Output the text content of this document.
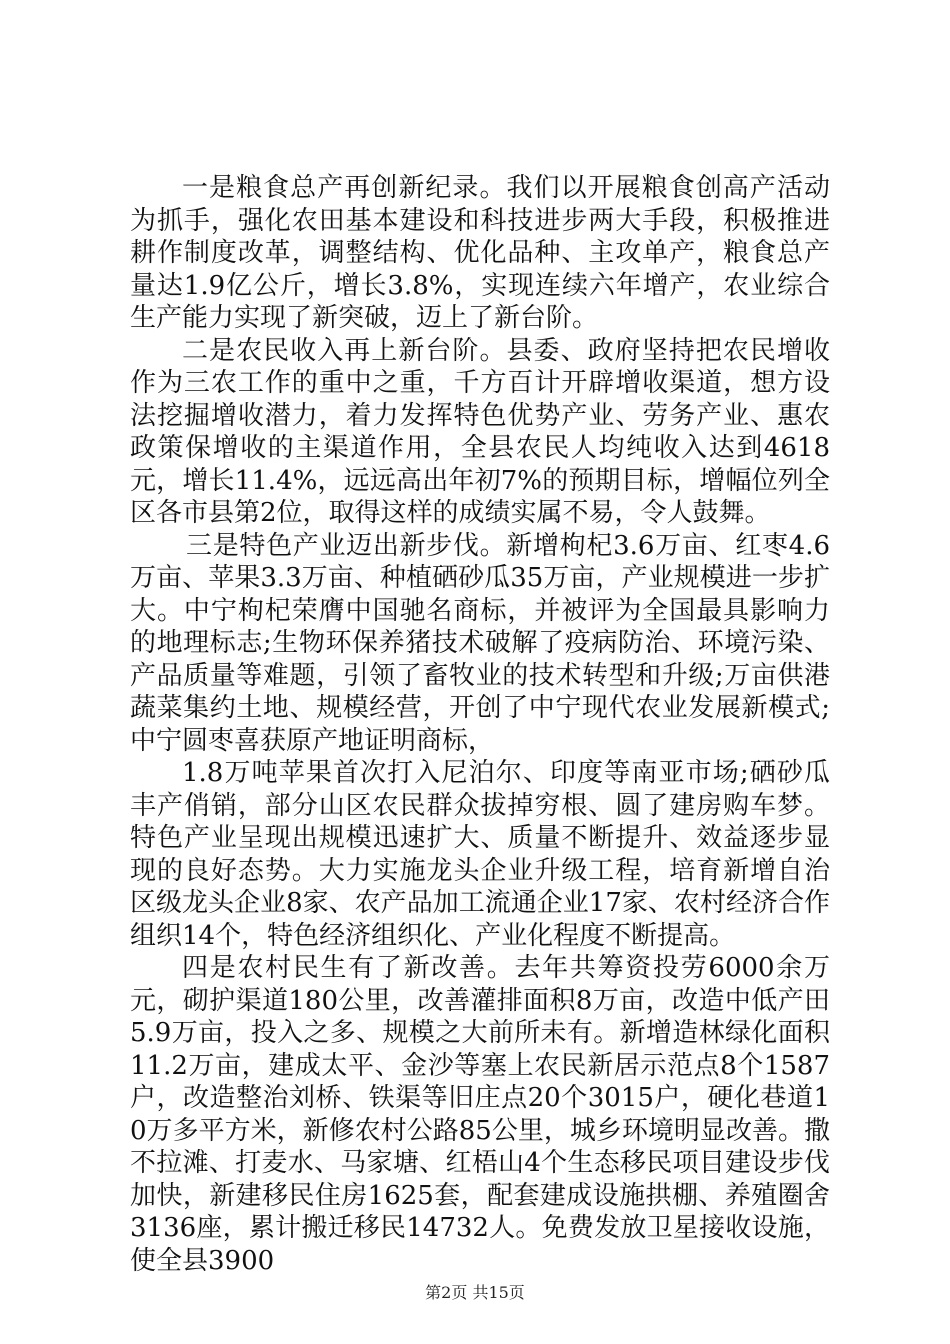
一是粮食总产再创新纪录。我们以开展粮食创高产活动为抓手，强化农田基本建设和科技进步两大手段，积极推进耕作制度改革，调整结构、优化品种、主攻单产，粮食总产量达1.9亿公斤，增长3.8%，实现连续六年增产，农业综合生产能力实现了新突破，迈上了新台阶。

二是农民收入再上新台阶。县委、政府坚持把农民增收作为三农工作的重中之重，千方百计开辟增收渠道，想方设法挖掘增收潜力，着力发挥特色优势产业、劳务产业、惠农政策保增收的主渠道作用，全县农民人均纯收入达到4618元，增长11.4%，远远高出年初7%的预期目标，增幅位列全区各市县第2位，取得这样的成绩实属不易，令人鼓舞。

三是特色产业迈出新步伐。新增枸杞3.6万亩、红枣4.6万亩、苹果3.3万亩、种植硒砂瓜35万亩，产业规模进一步扩大。中宁枸杞荣膺中国驰名商标，并被评为全国最具影响力的地理标志;生物环保养猪技术破解了疫病防治、环境污染、产品质量等难题，引领了畜牧业的技术转型和升级;万亩供港蔬菜集约土地、规模经营，开创了中宁现代农业发展新模式;中宁圆枣喜获原产地证明商标，

1.8万吨苹果首次打入尼泊尔、印度等南亚市场;硒砂瓜丰产俏销，部分山区农民群众拔掉穷根、圆了建房购车梦。特色产业呈现出规模迅速扩大、质量不断提升、效益逐步显现的良好态势。大力实施龙头企业升级工程，培育新增自治区级龙头企业8家、农产品加工流通企业17家、农村经济合作组织14个，特色经济组织化、产业化程度不断提高。

四是农村民生有了新改善。去年共筹资投劳6000余万元，砌护渠道180公里，改善灌排面积8万亩，改造中低产田5.9万亩，投入之多、规模之大前所未有。新增造林绿化面积11.2万亩，建成太平、金沙等塞上农民新居示范点8个1587户，改造整治刘桥、铁渠等旧庄点20个3015户，硬化巷道10万多平方米，新修农村公路85公里，城乡环境明显改善。撒不拉滩、打麦水、马家塘、红梧山4个生态移民项目建设步伐加快，新建移民住房1625套，配套建成设施拱棚、养殖圈舍3136座，累计搬迁移民14732人。免费发放卫星接收设施，使全县3900

第2页 共15页
